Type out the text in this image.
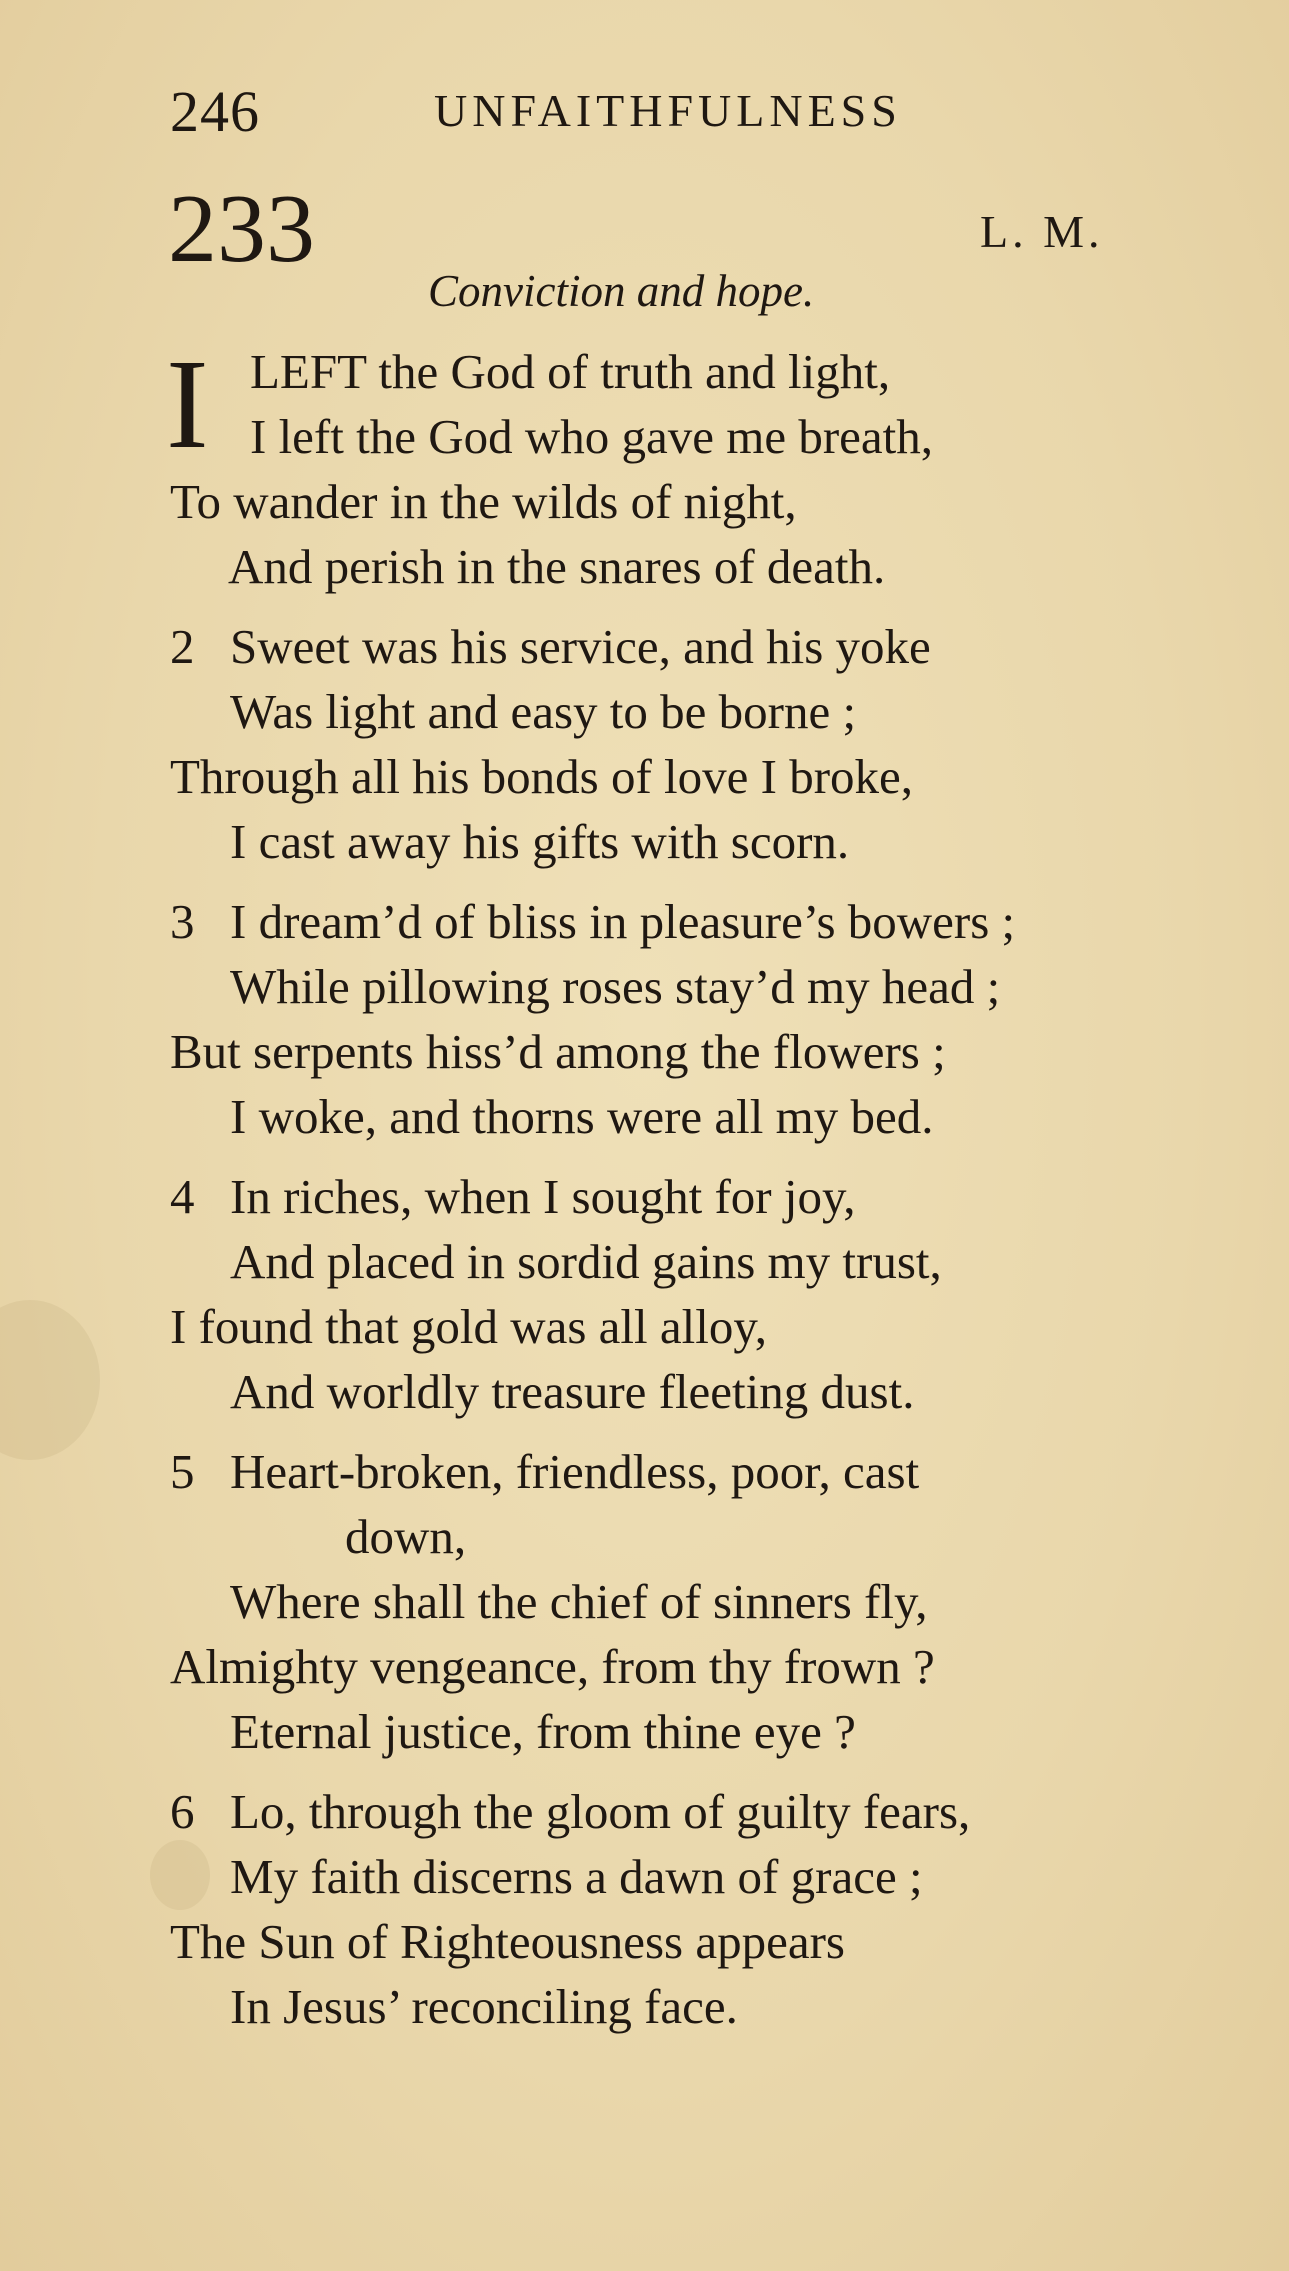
246	UNFAITHFULNESS
233	L. M.
Conviction and hope.
I LEFT the God of truth and light,
I left the God who gave me breath,
To wander in the wilds of night,
And perish in the snares of death.
2 Sweet was his service, and his yoke
Was light and easy to be borne ;
Through all his bonds of love I broke,
I cast away his gifts with scorn.
3 I dream’d of bliss in pleasure’s bowers ;
While pillowing roses stay’d my head ;
But serpents hiss’d among the flowers ;
I woke, and thorns were all my bed.
4 In riches, when I sought for joy,
And placed in sordid gains my trust,
I found that gold was all alloy,
And worldly treasure fleeting dust.
5 Heart-broken, friendless, poor, cast
down,
Where shall the chief of sinners fly,
Almighty vengeance, from thy frown ?
Eternal justice, from thine eye ?
6 Lo, through the gloom of guilty fears,
My faith discerns a dawn of grace ;
The Sun of Righteousness appears
In Jesus’ reconciling face.
